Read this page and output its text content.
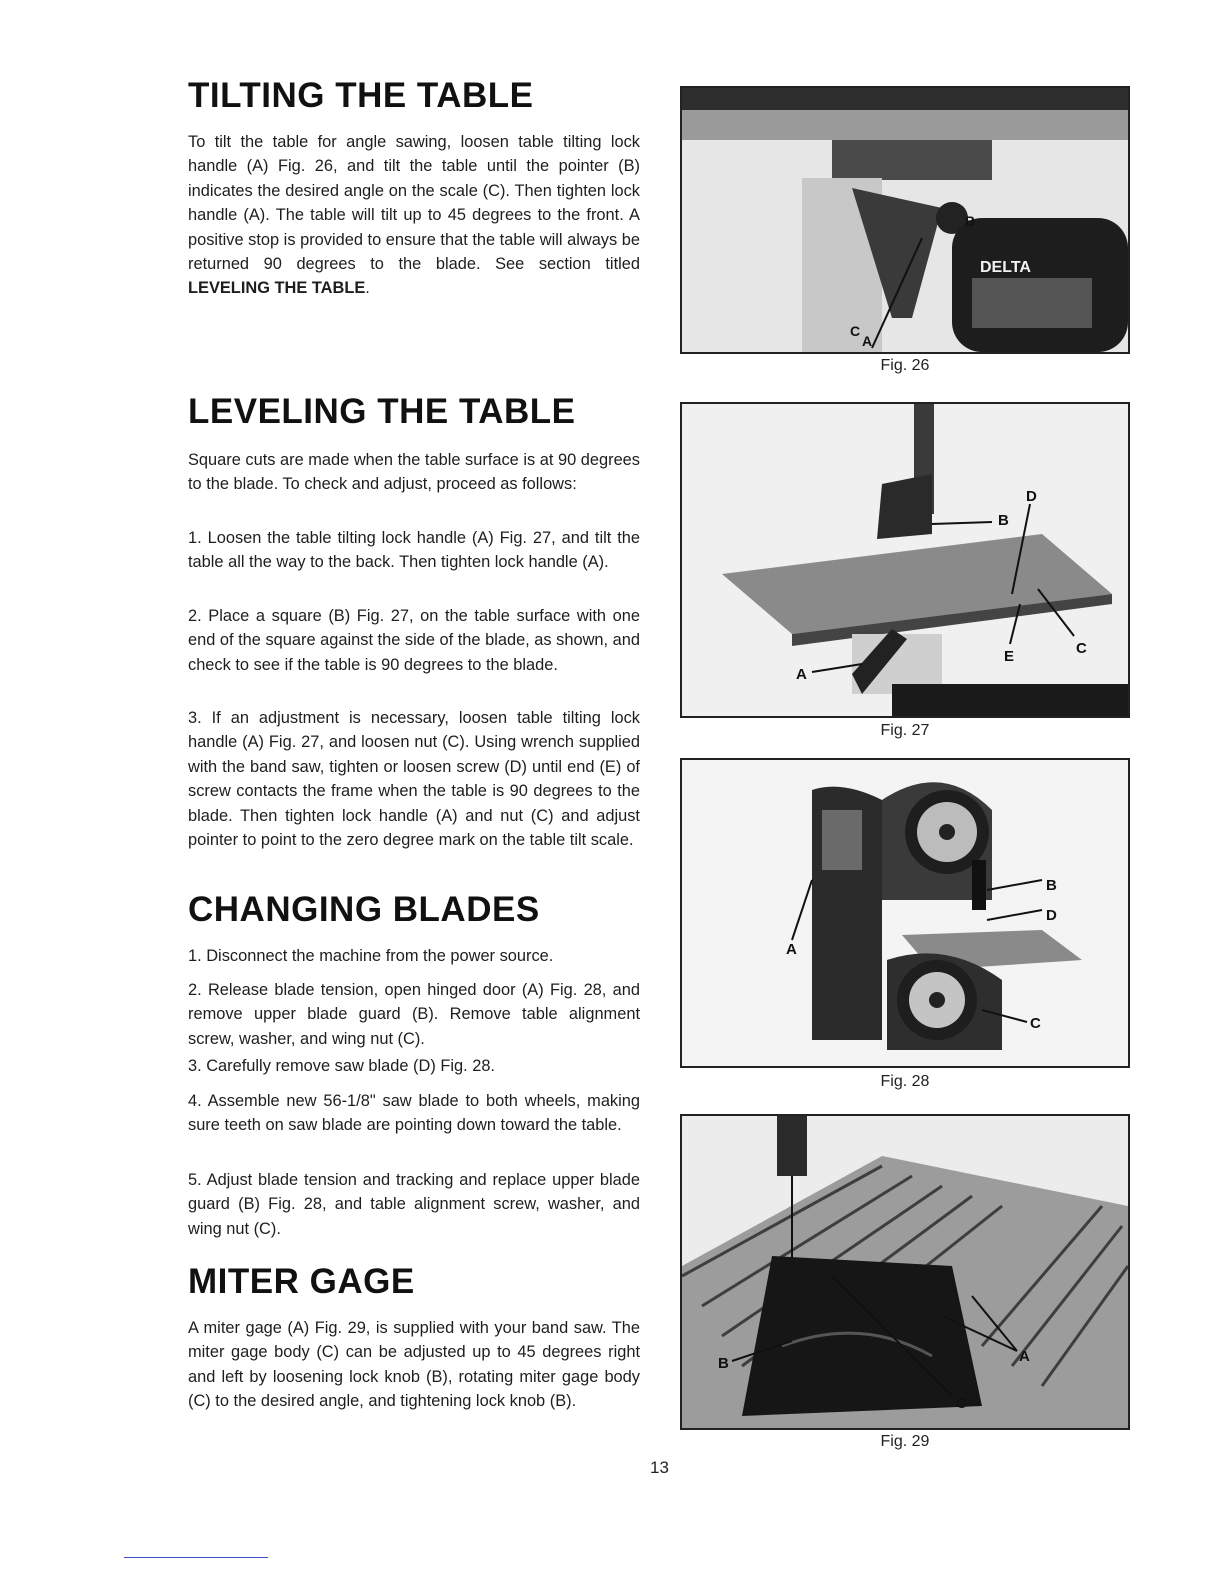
TILTING THE TABLE

To tilt the table for angle sawing, loosen table tilting lock handle (A) Fig. 26, and tilt the table until the pointer (B) indicates the desired angle on the scale (C). Then tighten lock handle (A). The table will tilt up to 45 degrees to the front. A positive stop is provided to ensure that the table will always be returned 90 degrees to the blade. See section titled LEVELING THE TABLE.

LEVELING THE TABLE

Square cuts are made when the table surface is at 90 degrees to the blade. To check and adjust, proceed as follows:

1. Loosen the table tilting lock handle (A) Fig. 27, and tilt the table all the way to the back. Then tighten lock handle (A).

2. Place a square (B) Fig. 27, on the table surface with one end of the square against the side of the blade, as shown, and check to see if the table is 90 degrees to the blade.

3. If an adjustment is necessary, loosen table tilting lock handle (A) Fig. 27, and loosen nut (C). Using wrench supplied with the band saw, tighten or loosen screw (D) until end (E) of screw contacts the frame when the table is 90 degrees to the blade. Then tighten lock handle (A) and nut (C) and adjust pointer to point to the zero degree mark on the table tilt scale.

CHANGING BLADES

1. Disconnect the machine from the power source.

2. Release blade tension, open hinged door (A) Fig. 28, and remove upper blade guard (B). Remove table alignment screw, washer, and wing nut (C).

3. Carefully remove saw blade (D) Fig. 28.

4. Assemble new 56-1/8" saw blade to both wheels, making sure teeth on saw blade are pointing down toward the table.

5. Adjust blade tension and tracking and replace upper blade guard (B) Fig. 28, and table alignment screw, washer, and wing nut (C).

MITER GAGE

A miter gage (A) Fig. 29, is supplied with your band saw. The miter gage body (C) can be adjusted up to 45 degrees right and left by loosening lock knob (B), rotating miter gage body (C) to the desired angle, and tightening lock knob (B).

B
C
A
DELTA
Fig. 26
B
D
C
E
A
Fig. 27
B
D
A
C
Fig. 28
A
B
C
Fig. 29
13
